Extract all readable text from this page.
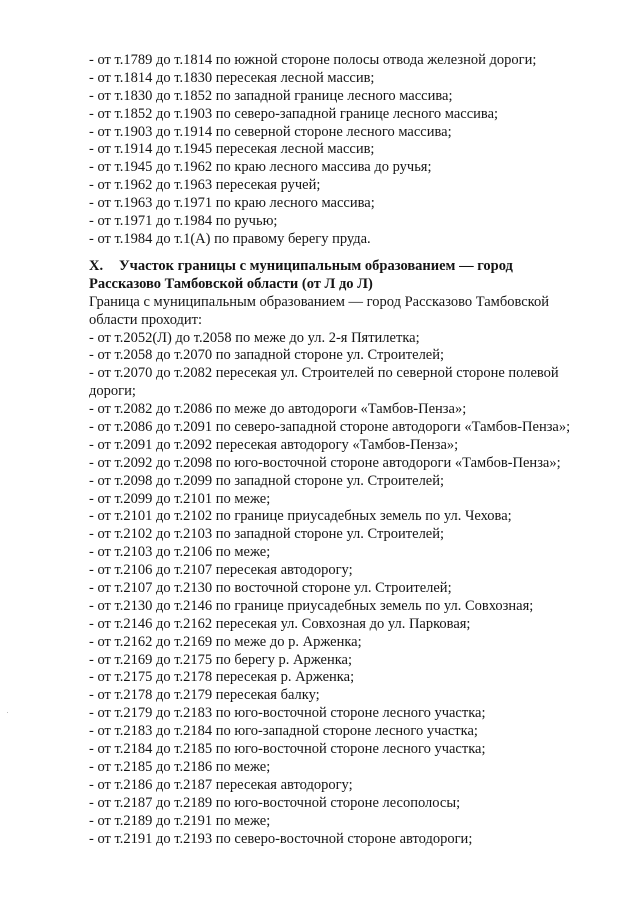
- от т.1789 до т.1814 по южной стороне полосы отвода железной дороги;
- от т.1814 до т.1830 пересекая лесной массив;
- от т.1830 до т.1852 по западной границе лесного массива;
- от т.1852 до т.1903 по северо-западной границе лесного массива;
- от т.1903 до т.1914 по северной стороне лесного массива;
- от т.1914 до т.1945 пересекая лесной массив;
- от т.1945 до т.1962 по краю лесного массива до ручья;
- от т.1962 до т.1963 пересекая ручей;
- от т.1963 до т.1971 по краю лесного массива;
- от т.1971 до т.1984 по ручью;
- от т.1984 до т.1(А) по правому берегу пруда.
X. Участок границы с муниципальным образованием — город
Рассказово Тамбовской области (от Л до Л)
Граница с муниципальным образованием — город Рассказово Тамбовской
области проходит:
- от т.2052(Л) до т.2058 по меже до ул. 2-я Пятилетка;
- от т.2058 до т.2070 по западной стороне ул. Строителей;
- от т.2070 до т.2082 пересекая ул. Строителей по северной стороне полевой
дороги;
- от т.2082 до т.2086 по меже до автодороги «Тамбов-Пенза»;
- от т.2086 до т.2091 по северо-западной стороне автодороги «Тамбов-Пенза»;
- от т.2091 до т.2092 пересекая автодорогу «Тамбов-Пенза»;
- от т.2092 до т.2098 по юго-восточной стороне автодороги «Тамбов-Пенза»;
- от т.2098 до т.2099 по западной стороне ул. Строителей;
- от т.2099 до т.2101 по меже;
- от т.2101 до т.2102 по границе приусадебных земель по ул. Чехова;
- от т.2102 до т.2103 по западной стороне ул. Строителей;
- от т.2103 до т.2106 по меже;
- от т.2106 до т.2107 пересекая автодорогу;
- от т.2107 до т.2130 по восточной стороне ул. Строителей;
- от т.2130 до т.2146 по границе приусадебных земель по ул. Совхозная;
- от т.2146 до т.2162 пересекая ул. Совхозная до ул. Парковая;
- от т.2162 до т.2169 по меже до р. Арженка;
- от т.2169 до т.2175 по берегу р. Арженка;
- от т.2175 до т.2178 пересекая р. Арженка;
- от т.2178 до т.2179 пересекая балку;
- от т.2179 до т.2183 по юго-восточной стороне лесного участка;
- от т.2183 до т.2184 по юго-западной стороне лесного участка;
- от т.2184 до т.2185 по юго-восточной стороне лесного участка;
- от т.2185 до т.2186 по меже;
- от т.2186 до т.2187 пересекая автодорогу;
- от т.2187 до т.2189 по юго-восточной стороне лесополосы;
- от т.2189 до т.2191 по меже;
- от т.2191 до т.2193 по северо-восточной стороне автодороги;
